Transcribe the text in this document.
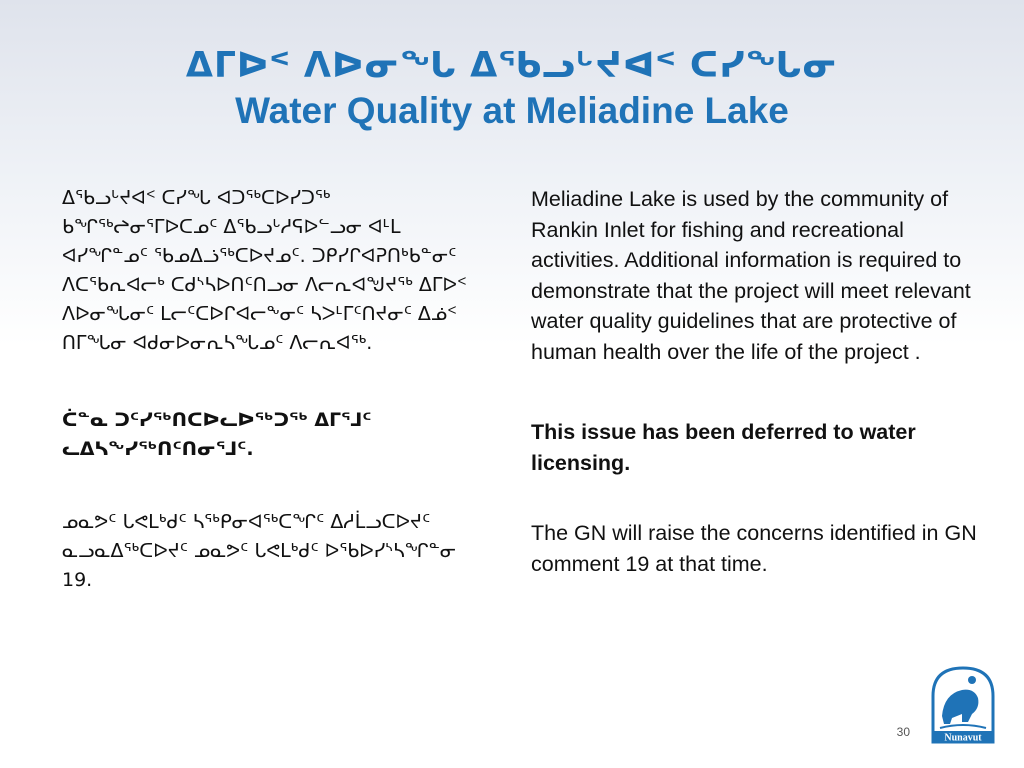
ᐃᒥᐅᑉ ᐱᐅᓂᖓ ᐃᖃᓗᒡᔪᐊᑉ ᑕᓯᖓᓂ
Water Quality at Meliadine Lake

ᐃᖃᓗᒡᔪᐊᑉ ᑕᓯᖓ ᐊᑐᖅᑕᐅᓯᑐᖅ ᑲᖏᖅᖠᓂᕐᒥᐅᑕᓄᑦ ᐃᖃᓗᒡᓱᕋᐅᓪᓗᓂ ᐊᒻᒪ ᐊᓯᖏᓐᓄᑦ ᖃᓄᐃᓘᖅᑕᐅᔪᓄᑦ. ᑐᑭᓯᒋᐊᕈᑎᒃᑲᓐᓂᑦ ᐱᑕᖃᕆᐊᓕᒃ ᑕᑯᔅᓴᐅᑎᑦᑎᓗᓂ ᐱᓕᕆᐊᖑᔪᖅ ᐃᒥᐅᑉ ᐱᐅᓂᖓᓂᑦ ᒪᓕᑦᑕᐅᒋᐊᓕᖕᓂᑦ ᓴᐳᒻᒥᑦᑎᔪᓂᑦ ᐃᓅᑉ ᑎᒥᖓᓂ ᐊᑯᓂᐅᓂᕆᓴᖓᓄᑦ ᐱᓕᕆᐊᖅ.

ᑖᓐᓇ ᑐᑦᓯᖅᑎᑕᐅᓚᐅᖅᑐᖅ ᐃᒥᕐᒧᑦ ᓚᐃᓴᖕᓯᖅᑎᑦᑎᓂᕐᒧᑦ.

ᓄᓇᕗᑦ ᒐᕙᒪᒃᑯᑦ ᓴᖅᑭᓂᐊᖅᑕᖏᑦ ᐃᓱᒫᓗᑕᐅᔪᑦ ᓇᓗᓇᐃᖅᑕᐅᔪᑦ ᓄᓇᕗᑦ ᒐᕙᒪᒃᑯᑦ ᐅᖃᐅᓯᔅᓴᖏᓐᓂ 19.

Meliadine Lake is used by the community of Rankin Inlet for fishing and recreational activities. Additional information is required to demonstrate that the project will meet relevant water quality guidelines that are protective of human health over the life of the project .

This issue has been deferred to water licensing.

The GN will raise the concerns identified in GN comment 19 at that time.

30	Nunavut
